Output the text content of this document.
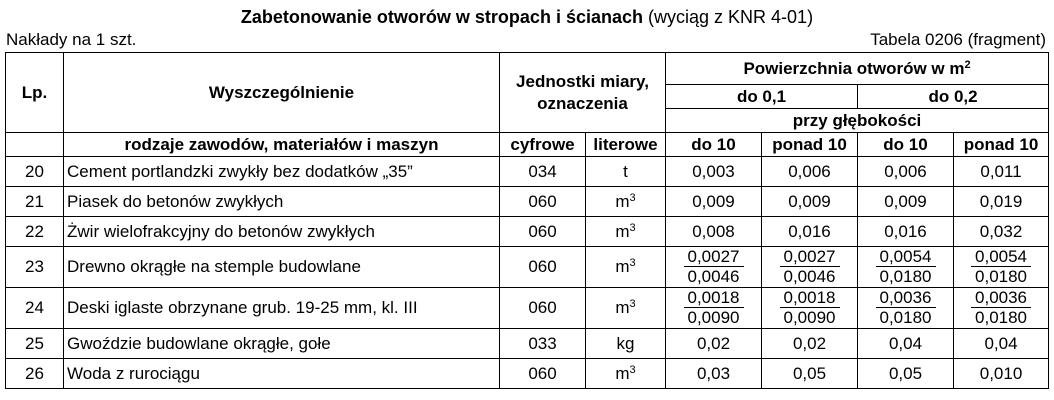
Zabetonowanie otworów w stropach i ścianach (wyciąg z KNR 4-01)
Nakłady na 1 szt.	Tabela 0206 (fragment)
Lp.	Wyszczególnienie	Jednostki miary, oznaczenia		Powierzchnia otworów w $m^2$
				do 0,1		do 0,2	
				przy głębokości			
	rodzaje zawodów, materiałów i maszyn	cyfrowe	literowe	do 10	ponad 10	do 10	ponad 10
20	Cement portlandzki zwykły bez dodatków „35”	034	t	0,003	0,006	0,006	0,011
21	Piasek do betonów zwykłych	060	$m^3$	0,009	0,009	0,009	0,019
22	Żwir wielofrakcyjny do betonów zwykłych	060	$m^3$	0,008	0,016	0,016	0,032
23	Drewno okrągłe na stemple budowlane	060	$m^3$	$\frac{0,0027}{0,0046}$	$\frac{0,0027}{0,0046}$	$\frac{0,0054}{0,0180}$	$\frac{0,0054}{0,0180}$

24	Deski iglaste obrzynane grub. 19-25 mm, kl. III	060	$m^3$	$\frac{0,0018}{0,0090}$	$\frac{0,0018}{0,0090}$	$\frac{0,0036}{0,0180}$	$\frac{0,0036}{0,0180}$

25	Gwoździe budowlane okrągłe, gołe	033	kg	0,02	0,02	0,04	0,04
26	Woda z rurociągu	060	$m^3$	0,03	0,05	0,05	0,010
